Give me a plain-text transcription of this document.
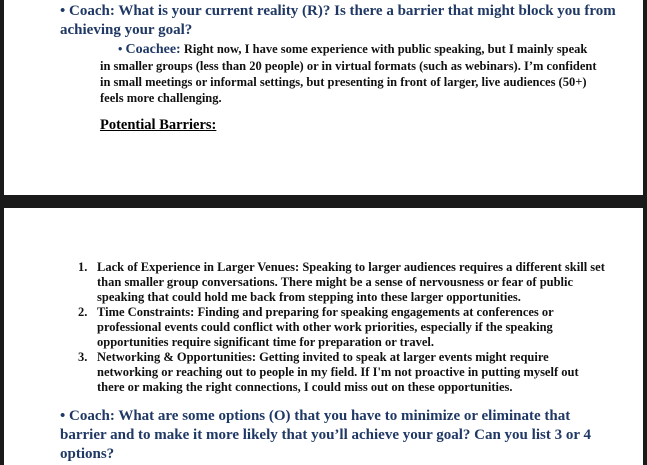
• Coach: What is your current reality (R)? Is there a barrier that might block you from achieving your goal?

• Coachee: Right now, I have some experience with public speaking, but I mainly speak in smaller groups (less than 20 people) or in virtual formats (such as webinars). I’m confident in small meetings or informal settings, but presenting in front of larger, live audiences (50+) feels more challenging.

Potential Barriers:

1. Lack of Experience in Larger Venues: Speaking to larger audiences requires a different skill set than smaller group conversations. There might be a sense of nervousness or fear of public speaking that could hold me back from stepping into these larger opportunities.
2. Time Constraints: Finding and preparing for speaking engagements at conferences or professional events could conflict with other work priorities, especially if the speaking opportunities require significant time for preparation or travel.
3. Networking & Opportunities: Getting invited to speak at larger events might require networking or reaching out to people in my field. If I'm not proactive in putting myself out there or making the right connections, I could miss out on these opportunities.

• Coach: What are some options (O) that you have to minimize or eliminate that barrier and to make it more likely that you’ll achieve your goal? Can you list 3 or 4 options?
